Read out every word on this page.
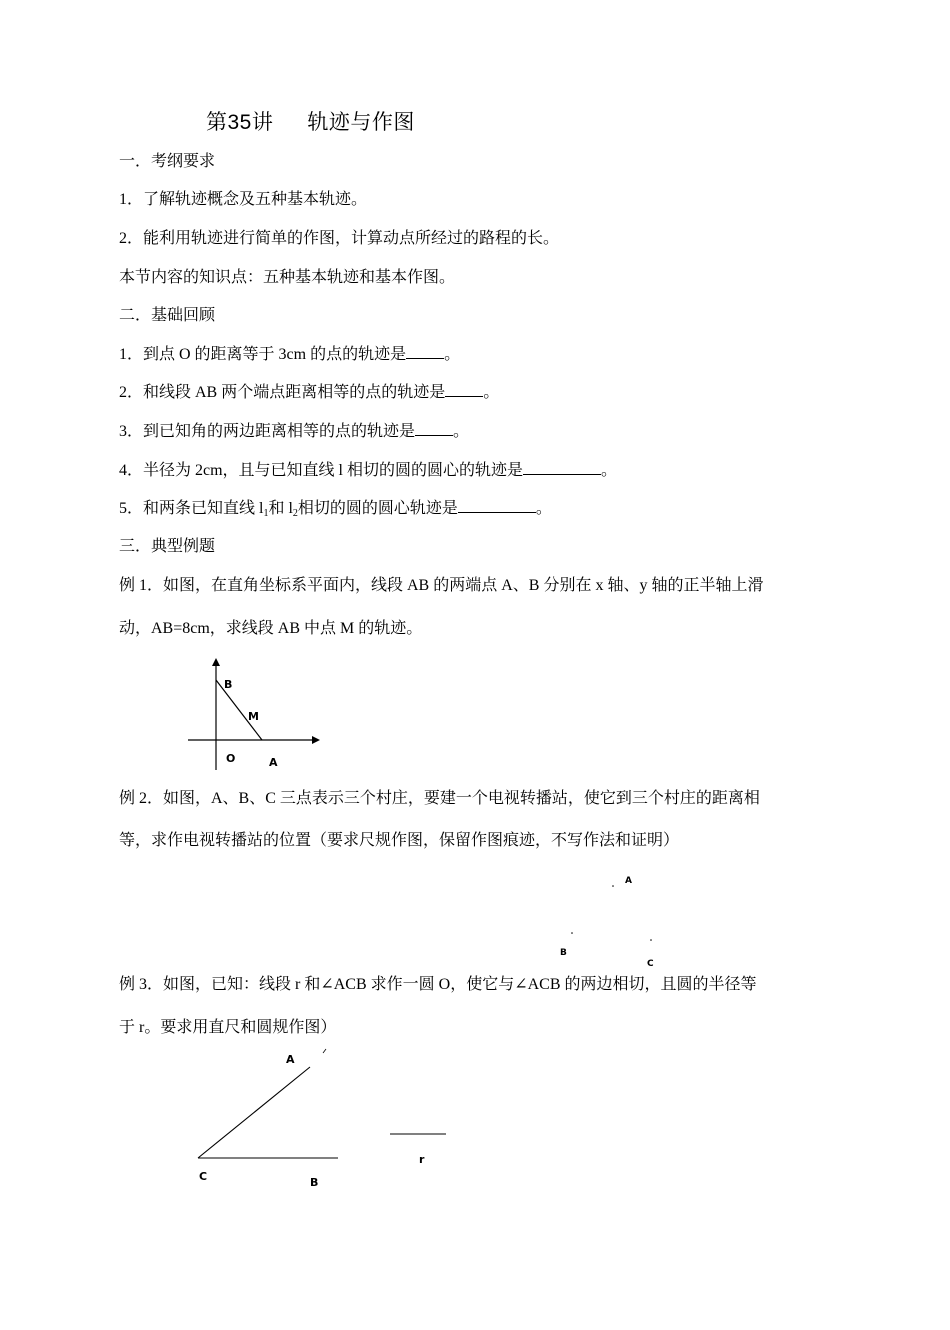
第35讲 轨迹与作图
一．考纲要求
1．了解轨迹概念及五种基本轨迹。
2．能利用轨迹进行简单的作图，计算动点所经过的路程的长。
本节内容的知识点：五种基本轨迹和基本作图。
二．基础回顾
1．到点 O 的距离等于 3cm 的点的轨迹是 。
2．和线段 AB 两个端点距离相等的点的轨迹是 。
3．到已知角的两边距离相等的点的轨迹是 。
4．半径为 2cm，且与已知直线 l 相切的圆的圆心的轨迹是	。
5．和两条已知直线 $l_1$和 $l_2$相切的圆的圆心轨迹是	。
三．典型例题
例 1．如图，在直角坐标系平面内，线段 AB 的两端点 A、B 分别在 x 轴、y 轴的正半轴上滑
动，AB=8cm，求线段 AB 中点 M 的轨迹。
B
M
O	A
例 2．如图，A、B、C 三点表示三个村庄，要建一个电视转播站，使它到三个村庄的距离相
等，求作电视转播站的位置（要求尺规作图，保留作图痕迹，不写作法和证明）
A
B
C
例 3．如图，已知：线段 r 和∠ACB 求作一圆 O，使它与∠ACB 的两边相切，且圆的半径等
于 r。要求用直尺和圆规作图）
A
C	B
r
